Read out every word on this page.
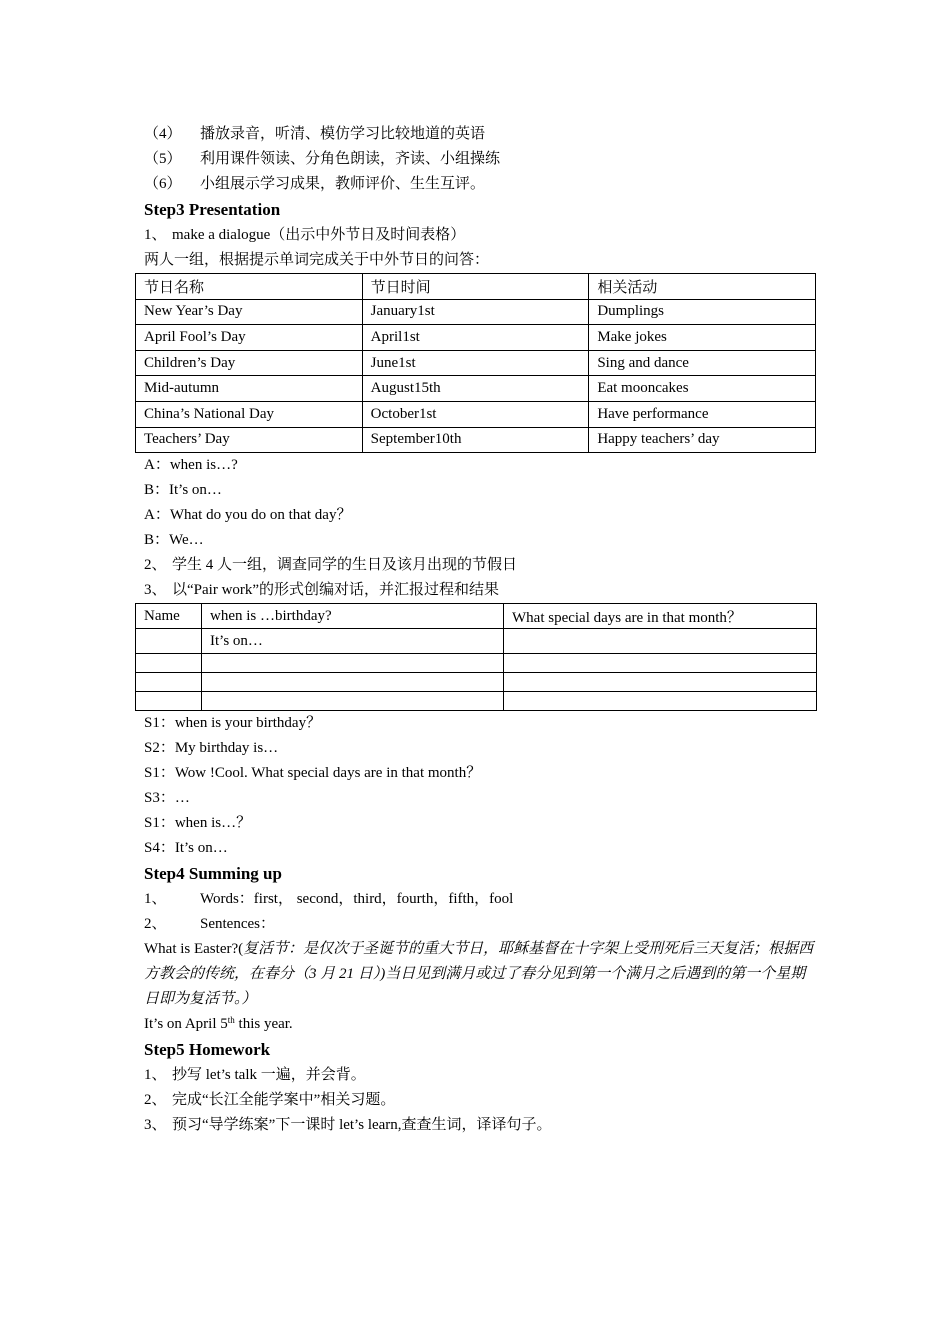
（4） 播放录音，听清、模仿学习比较地道的英语
（5） 利用课件领读、分角色朗读，齐读、小组操练
（6） 小组展示学习成果，教师评价、生生互评。
Step3 Presentation
1、 make a dialogue（出示中外节日及时间表格）
两人一组，根据提示单词完成关于中外节日的问答：
节日名称	节日时间	相关活动
New Year’s Day	January1st	Dumplings
April Fool’s Day	April1st	Make jokes
Children’s Day	June1st	Sing and dance
Mid-autumn	August15th	Eat mooncakes
China’s National Day	October1st	Have performance
Teachers’ Day	September10th	Happy teachers’ day
A：when is…?
B：It’s on…
A：What do you do on that day？
B：We…
2、 学生 4 人一组，调查同学的生日及该月出现的节假日
3、 以“Pair work”的形式创编对话，并汇报过程和结果
Name	when is …birthday?	What special days are in that month？
	It’s on…	

S1：when is your birthday？
S2：My birthday is…
S1：Wow !Cool. What special days are in that month？
S3：…
S1：when is…？
S4：It’s on…
Step4 Summing up
1、 Words：first， second，third，fourth，fifth，fool
2、 Sentences：
What is Easter?(复活节：是仅次于圣诞节的重大节日，耶稣基督在十字架上受刑死后三天复活；根据西方教会的传统，在春分（3 月 21 日）)当日见到满月或过了春分见到第一个满月之后遇到的第一个星期日即为复活节。）
It’s on April 5th this year.
Step5 Homework
1、 抄写 let’s talk 一遍，并会背。
2、 完成“长江全能学案中”相关习题。
3、 预习“导学练案”下一课时 let’s learn,查查生词，译译句子。
